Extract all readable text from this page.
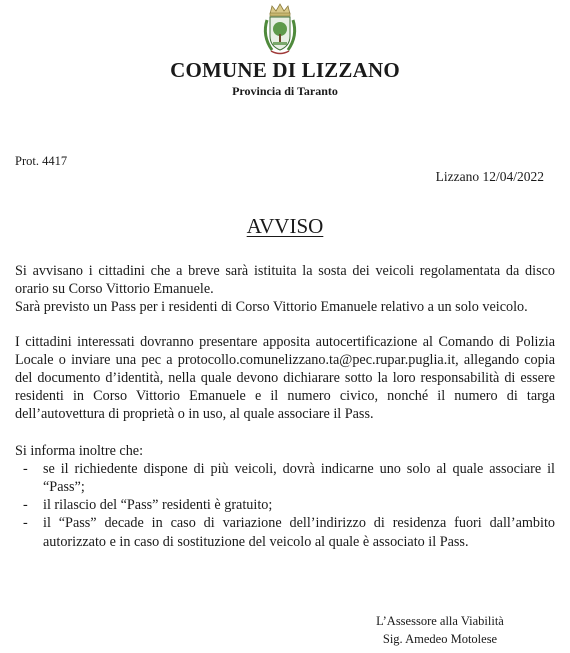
COMUNE DI LIZZANO
Provincia di Taranto
Prot. 4417
Lizzano 12/04/2022
AVVISO

Si avvisano i cittadini che a breve sarà istituita la sosta dei veicoli regolamentata da disco orario su Corso Vittorio Emanuele.

Sarà previsto un Pass per i residenti di Corso Vittorio Emanuele relativo a un solo veicolo.

I cittadini interessati dovranno presentare apposita autocertificazione al Comando di Polizia Locale o inviare una pec a protocollo.comunelizzano.ta@pec.rupar.puglia.it, allegando copia del documento d’identità, nella quale devono dichiarare sotto la loro responsabilità di essere residenti in Corso Vittorio Emanuele e il numero civico, nonché il numero di targa dell’autovettura di proprietà o in uso, al quale associare il Pass.

Si informa inoltre che:

- se il richiedente dispone di più veicoli, dovrà indicarne uno solo al quale associare il “Pass”;
- il rilascio del “Pass” residenti è gratuito;
- il “Pass” decade in caso di variazione dell’indirizzo di residenza fuori dall’ambito autorizzato e in caso di sostituzione del veicolo al quale è associato il Pass.
L’Assessore alla Viabilità
Sig. Amedeo Motolese
